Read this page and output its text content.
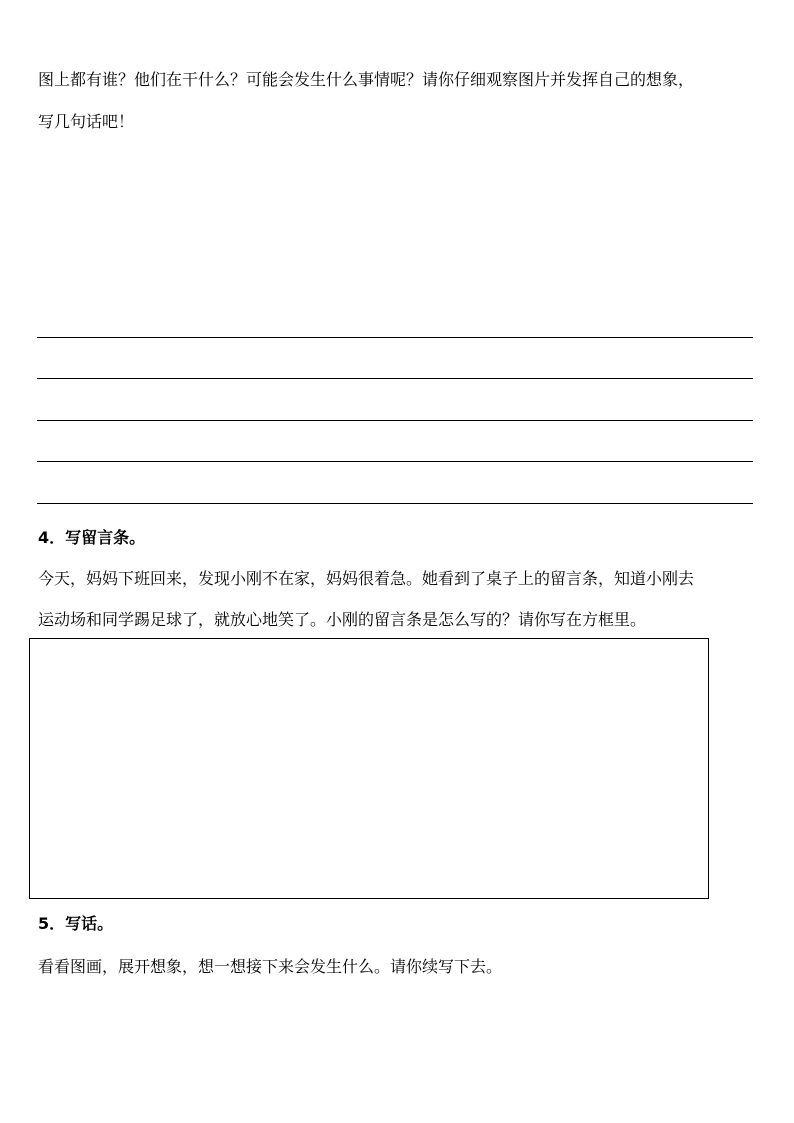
图上都有谁？他们在干什么？可能会发生什么事情呢？请你仔细观察图片并发挥自己的想象，
写几句话吧！
4．写留言条。
今天，妈妈下班回来，发现小刚不在家，妈妈很着急。她看到了桌子上的留言条，知道小刚去
运动场和同学踢足球了，就放心地笑了。小刚的留言条是怎么写的？请你写在方框里。
5．写话。
看看图画，展开想象，想一想接下来会发生什么。请你续写下去。
